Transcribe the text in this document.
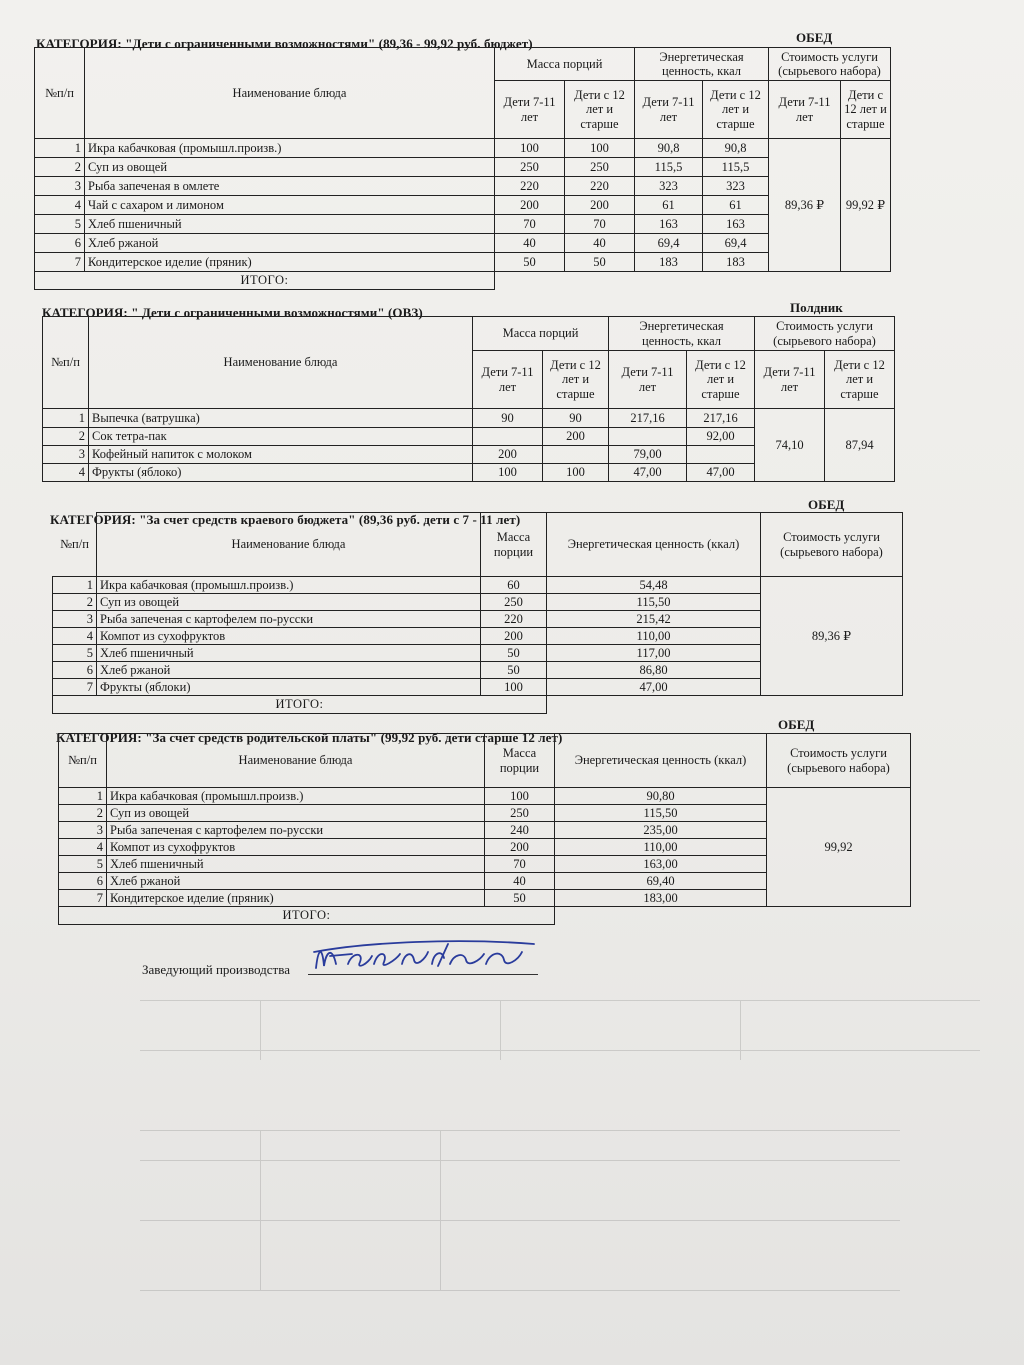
КАТЕГОРИЯ: "Дети с ограниченными возможностями" (89,36 - 99,92 руб. бюджет)	ОБЕД
№п/п	Наименование блюда	Масса порций		Энергетическая ценность, ккал		Стоимость услуги (сырьевого набора)	
		Дети 7-11 лет	Дети с 12 лет и старше	Дети 7-11 лет	Дети с 12 лет и старше	Дети 7-11 лет	Дети с 12 лет и старше
1	Икра кабачковая (промышл.произв.)	100	100	90,8	90,8	89,36 ₽	99,92 ₽
2	Суп из овощей	250	250	115,5	115,5		
3	Рыба запеченая в омлете	220	220	323	323		
4	Чай с сахаром и лимоном	200	200	61	61		
5	Хлеб пшеничный	70	70	163	163		
6	Хлеб ржаной	40	40	69,4	69,4		
7	Кондитерское иделие (пряник)	50	50	183	183		
ИТОГО:							
КАТЕГОРИЯ: " Дети с ограниченными возможностями" (ОВЗ)	Полдник
№п/п	Наименование блюда	Масса порций		Энергетическая ценность, ккал		Стоимость услуги (сырьевого набора)	
		Дети 7-11 лет	Дети с 12 лет и старше	Дети 7-11 лет	Дети с 12 лет и старше	Дети 7-11 лет	Дети с 12 лет и старше
1	Выпечка (ватрушка)	90	90	217,16	217,16	74,10	87,94
2	Сок тетра-пак		200		92,00		
3	Кофейный напиток с молоком	200		79,00			
4	Фрукты (яблоко)	100	100	47,00	47,00		
КАТЕГОРИЯ: "За счет средств краевого бюджета" (89,36 руб. дети с 7 - 11 лет)
ОБЕД
№п/п	Наименование блюда	Масса порции	Энергетическая ценность (ккал)	Стоимость услуги (сырьевого набора)
1	Икра кабачковая (промышл.произв.)	60	54,48	89,36 ₽
2	Суп из овощей	250	115,50	
3	Рыба запеченая с картофелем по-русски	220	215,42	
4	Компот из сухофруктов	200	110,00	
5	Хлеб пшеничный	50	117,00	
6	Хлеб ржаной	50	86,80	
7	Фрукты (яблоки)	100	47,00	
ИТОГО:				
КАТЕГОРИЯ: "За счет средств родительской платы" (99,92 руб. дети старше 12 лет)
ОБЕД
№п/п	Наименование блюда	Масса порции	Энергетическая ценность (ккал)	Стоимость услуги (сырьевого набора)
1	Икра кабачковая (промышл.произв.)	100	90,80	99,92
2	Суп из овощей	250	115,50	
3	Рыба запеченая с картофелем по-русски	240	235,00	
4	Компот из сухофруктов	200	110,00	
5	Хлеб пшеничный	70	163,00	
6	Хлеб ржаной	40	69,40	
7	Кондитерское иделие (пряник)	50	183,00	
ИТОГО:				
Заведующий производства
